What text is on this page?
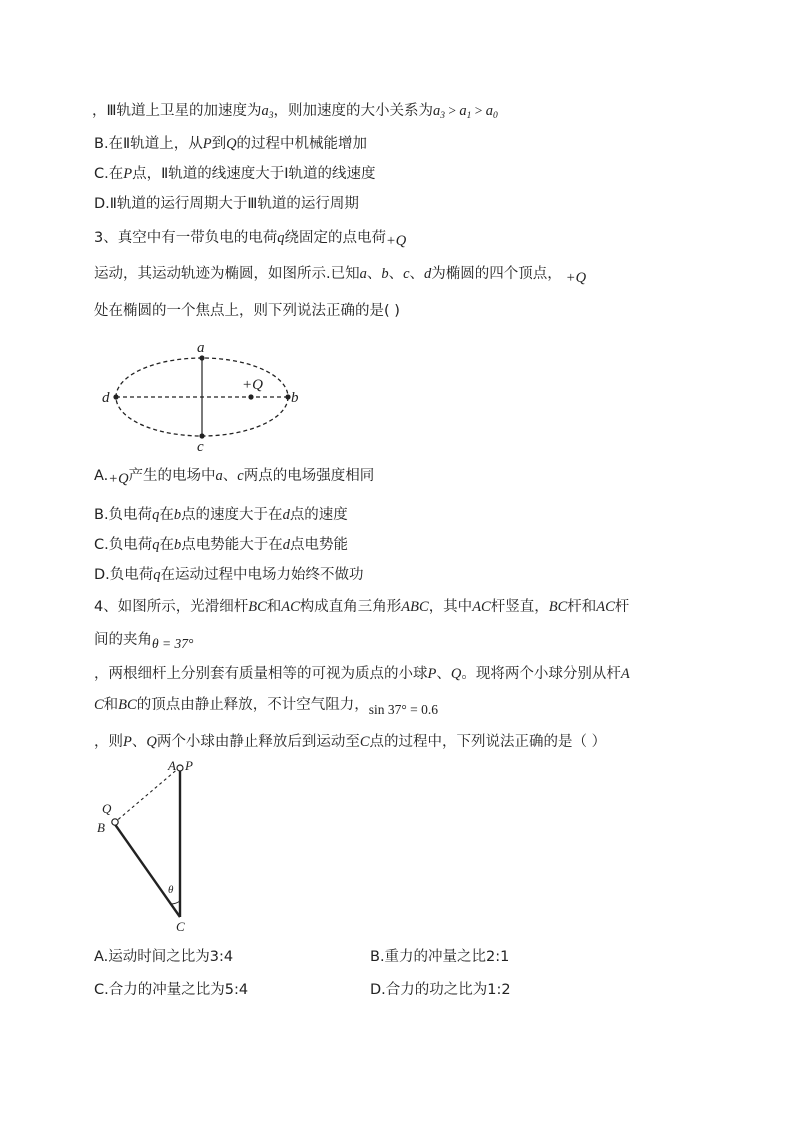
，Ⅲ轨道上卫星的加速度为$a_3$，则加速度的大小关系为$a_3 > a_1 > a_0$
B.在Ⅱ轨道上，从P到Q的过程中机械能增加
C.在P点，Ⅱ轨道的线速度大于Ⅰ轨道的线速度
D.Ⅱ轨道的运行周期大于Ⅲ轨道的运行周期
3、真空中有一带负电的电荷q绕固定的点电荷+Q
运动，其运动轨迹为椭圆，如图所示.已知a、b、c、d为椭圆的四个顶点， +Q
处在椭圆的一个焦点上，则下列说法正确的是( )
a
b
c
d
+Q
A.+Q产生的电场中a、c两点的电场强度相同
B.负电荷q在b点的速度大于在d点的速度
C.负电荷q在b点电势能大于在d点电势能
D.负电荷q在运动过程中电场力始终不做功
4、如图所示，光滑细杆BC和AC构成直角三角形ABC，其中AC杆竖直，BC杆和AC杆
间的夹角θ = 37°
，两根细杆上分别套有质量相等的可视为质点的小球P、Q。现将两个小球分别从杆A
C和BC的顶点由静止释放，不计空气阻力，sin 37° = 0.6
，则P、Q两个小球由静止释放后到运动至C点的过程中，下列说法正确的是（ ）
A P
Q
B
C
θ
A.运动时间之比为3:4	B.重力的冲量之比2:1
C.合力的冲量之比为5:4	D.合力的功之比为1:2
